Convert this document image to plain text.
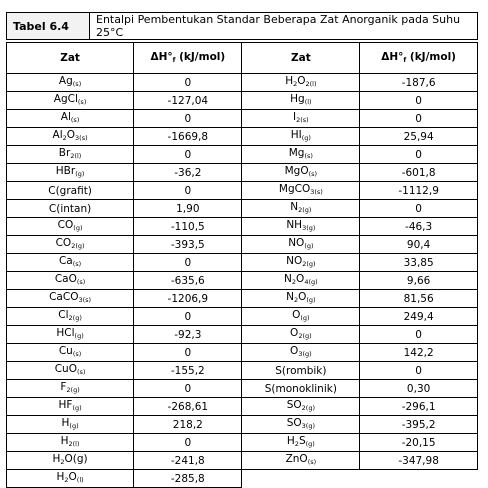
Tabel 6.4	Entalpi Pembentukan Standar Beberapa Zat Anorganik pada Suhu 25°C
Zat	$\Delta H^\circ_f$ (kJ/mol)	Zat	$\Delta H^\circ_f$ (kJ/mol)
$Ag_{(s)}$	0	$H_2O_{2(l)}$	-187,6
AgCl$_{(s)}$	-127,04	$Hg_{(l)}$	0
$Al_{(s)}$	0	$I_{2(s)}$	0
$Al_2O_{3(s)}$	-1669,8	$HI_{(g)}$	25,94
$Br_{2(l)}$	0	$Mg_{(s)}$	0
HBr$_{(g)}$	-36,2	MgO$_{(s)}$	-601,8
C(grafit)	0	MgCO$_{3(s)}$	-1112,9
C(intan)	1,90	$N_{2(g)}$	0
$CO_{(g)}$	-110,5	$NH_{3(g)}$	-46,3
$CO_{2(g)}$	-393,5	$NO_{(g)}$	90,4
$Ca_{(s)}$	0	$NO_{2(g)}$	33,85
CaO$_{(s)}$	-635,6	$N_2O_{4(g)}$	9,66
CaCO$_{3(s)}$	-1206,9	$N_2O_{(g)}$	81,56
$Cl_{2(g)}$	0	$O_{(g)}$	249,4
HCl$_{(g)}$	-92,3	$O_{2(g)}$	0
$Cu_{(s)}$	0	$O_{3(g)}$	142,2
CuO$_{(s)}$	-155,2	S(rombik)	0
$F_{2(g)}$	0	S(monoklinik)	0,30
$HF_{(g)}$	-268,61	$SO_{2(g)}$	-296,1
$H_{(g)}$	218,2	$SO_{3(g)}$	-395,2
$H_{2(l)}$	0	$H_2S_{(g)}$	-20,15
$H_2O(g)$	-241,8	ZnO$_{(s)}$	-347,98
$H_2O_{(l)}$	-285,8		
